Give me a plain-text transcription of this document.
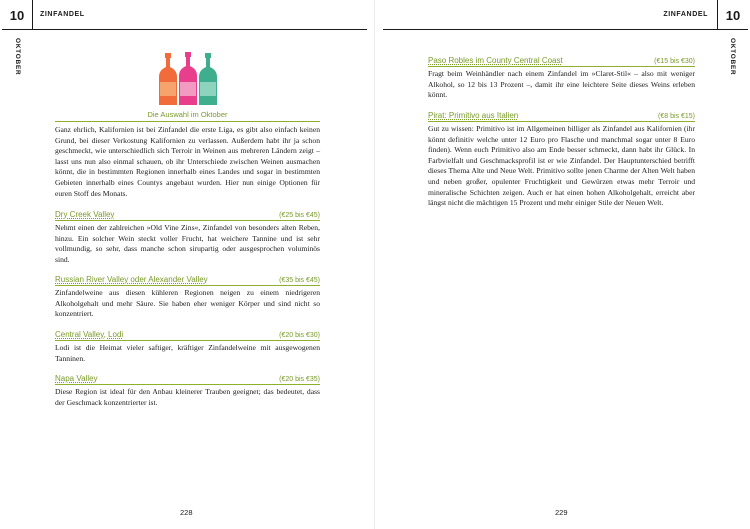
10	ZINFANDEL
OKTOBER
Die Auswahl im Oktober

Ganz ehrlich, Kalifornien ist bei Zinfandel die erste Liga, es gibt also einfach keinen Grund, bei dieser Verkostung Kalifornien zu verlassen. Außerdem habt ihr ja schon geschmeckt, wie unterschiedlich sich Terroir in Weinen aus mehreren Ländern zeigt – lasst uns nun also einmal schauen, ob ihr Unterschiede zwischen Weinen ausmachen könnt, die in bestimmten Regionen innerhalb eines Landes und sogar in bestimmten Gebieten innerhalb eines Countys angebaut wurden. Hier nun einige Optionen für euren Stoff des Monats.

Dry Creek Valley	(€25 bis €45)

Nehmt einen der zahlreichen »Old Vine Zins«, Zinfandel von besonders alten Reben, hinzu. Ein solcher Wein steckt voller Frucht, hat weichere Tannine und ist sehr vollmundig, so sehr, dass manche schon sirupartig oder ausgesprochen voluminös sind.

Russian River Valley oder Alexander Valley	(€35 bis €45)

Zinfandelweine aus diesen kühleren Regionen neigen zu einem niedrigeren Alkoholgehalt und mehr Säure. Sie haben eher weniger Körper und sind nicht so konzentriert.

Central Valley, Lodi	(€20 bis €30)

Lodi ist die Heimat vieler saftiger, kräftiger Zinfandelweine mit ausgewogenen Tanninen.

Napa Valley	(€20 bis €35)

Diese Region ist ideal für den Anbau kleinerer Trauben geeignet; das bedeutet, dass der Geschmack konzentrierter ist.

228
10
ZINFANDEL
OKTOBER
Paso Robles im County Central Coast	(€15 bis €30)

Fragt beim Weinhändler nach einem Zinfandel im »Claret-Stil« – also mit weniger Alkohol, so 12 bis 13 Prozent –, damit ihr eine leichtere Seite dieses Weins erleben könnt.

Pirat: Primitivo aus Italien	(€8 bis €15)

Gut zu wissen: Primitivo ist im Allgemeinen billiger als Zinfandel aus Kalifornien (ihr könnt definitiv welche unter 12 Euro pro Flasche und manchmal sogar unter 8 Euro finden). Wenn euch Primitivo also am Ende besser schmeckt, dann habt ihr Glück. In Farbvielfalt und Geschmacksprofil ist er wie Zinfandel. Der Hauptunterschied betrifft dieses Thema Alte und Neue Welt. Primitivo sollte jenen Charme der Alten Welt haben und neben großer, opulenter Fruchtigkeit und Gewürzen etwas mehr Terroir und mineralische Schichten zeigen. Auch er hat einen hohen Alkoholgehalt, erreicht aber längst nicht die mächtigen 15 Prozent und mehr einiger Stile der Neuen Welt.

229
